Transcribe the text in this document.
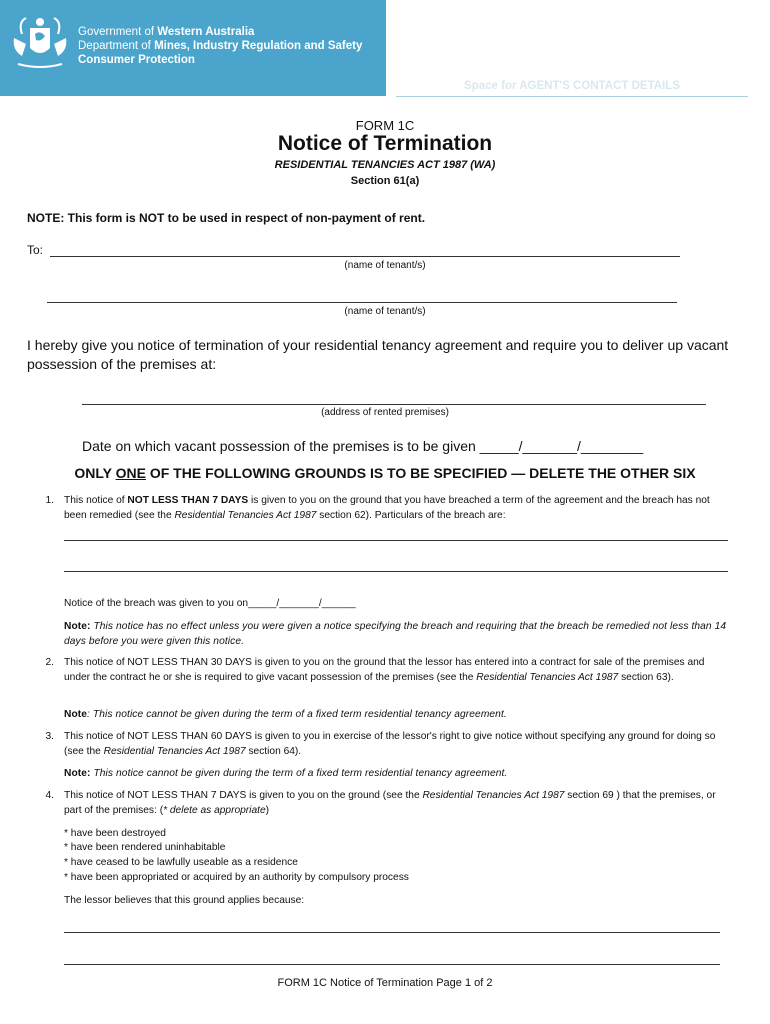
Government of Western Australia
Department of Mines, Industry Regulation and Safety
Consumer Protection
Space for AGENT'S CONTACT DETAILS
FORM 1C
Notice of Termination
RESIDENTIAL TENANCIES ACT 1987 (WA)
Section 61(a)
NOTE: This form is NOT to be used in respect of non-payment of rent.
To:
(name of tenant/s)
(name of tenant/s)
I hereby give you notice of termination of your residential tenancy agreement and require you to deliver up vacant possession of the premises at:
(address of rented premises)
Date on which vacant possession of the premises is to be given _____/_______/________
ONLY ONE OF THE FOLLOWING GROUNDS IS TO BE SPECIFIED — DELETE THE OTHER SIX
1. This notice of NOT LESS THAN 7 DAYS is given to you on the ground that you have breached a term of the agreement and the breach has not been remedied (see the Residential Tenancies Act 1987 section 62). Particulars of the breach are:
Notice of the breach was given to you on_____/_______/______
Note: This notice has no effect unless you were given a notice specifying the breach and requiring that the breach be remedied not less than 14 days before you were given this notice.
2. This notice of NOT LESS THAN 30 DAYS is given to you on the ground that the lessor has entered into a contract for sale of the premises and under the contract he or she is required to give vacant possession of the premises (see the Residential Tenancies Act 1987 section 63).
Note: This notice cannot be given during the term of a fixed term residential tenancy agreement.
3. This notice of NOT LESS THAN 60 DAYS is given to you in exercise of the lessor's right to give notice without specifying any ground for doing so (see the Residential Tenancies Act 1987 section 64).
Note: This notice cannot be given during the term of a fixed term residential tenancy agreement.
4. This notice of NOT LESS THAN 7 DAYS is given to you on the ground (see the Residential Tenancies Act 1987 section 69 ) that the premises, or part of the premises: (* delete as appropriate)
* have been destroyed
* have been rendered uninhabitable
* have ceased to be lawfully useable as a residence
* have been appropriated or acquired by an authority by compulsory process
The lessor believes that this ground applies because:
FORM 1C Notice of Termination Page 1 of 2
